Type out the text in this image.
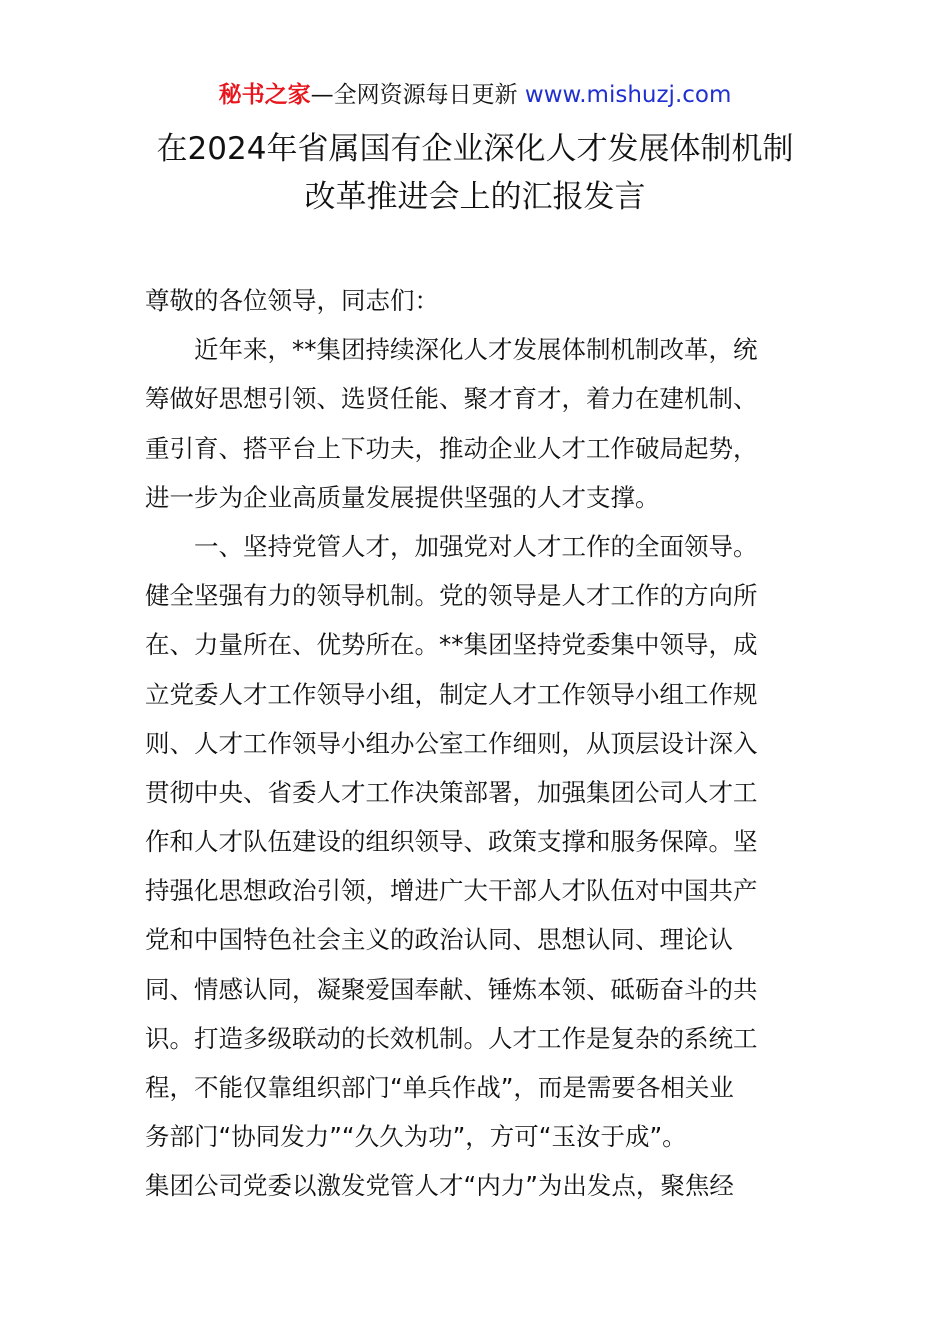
秘书之家—全网资源每日更新 www.mishuzj.com
在2024年省属国有企业深化人才发展体制机制
改革推进会上的汇报发言
尊敬的各位领导，同志们：
近年来，**集团持续深化人才发展体制机制改革，统
筹做好思想引领、选贤任能、聚才育才，着力在建机制、
重引育、搭平台上下功夫，推动企业人才工作破局起势，
进一步为企业高质量发展提供坚强的人才支撑。
一、坚持党管人才，加强党对人才工作的全面领导。
健全坚强有力的领导机制。党的领导是人才工作的方向所
在、力量所在、优势所在。**集团坚持党委集中领导，成
立党委人才工作领导小组，制定人才工作领导小组工作规
则、人才工作领导小组办公室工作细则，从顶层设计深入
贯彻中央、省委人才工作决策部署，加强集团公司人才工
作和人才队伍建设的组织领导、政策支撑和服务保障。坚
持强化思想政治引领，增进广大干部人才队伍对中国共产
党和中国特色社会主义的政治认同、思想认同、理论认
同、情感认同，凝聚爱国奉献、锤炼本领、砥砺奋斗的共
识。打造多级联动的长效机制。人才工作是复杂的系统工
程，不能仅靠组织部门“单兵作战”，而是需要各相关业
务部门“协同发力”“久久为功”，方可“玉汝于成”。
集团公司党委以激发党管人才“内力”为出发点，聚焦经
